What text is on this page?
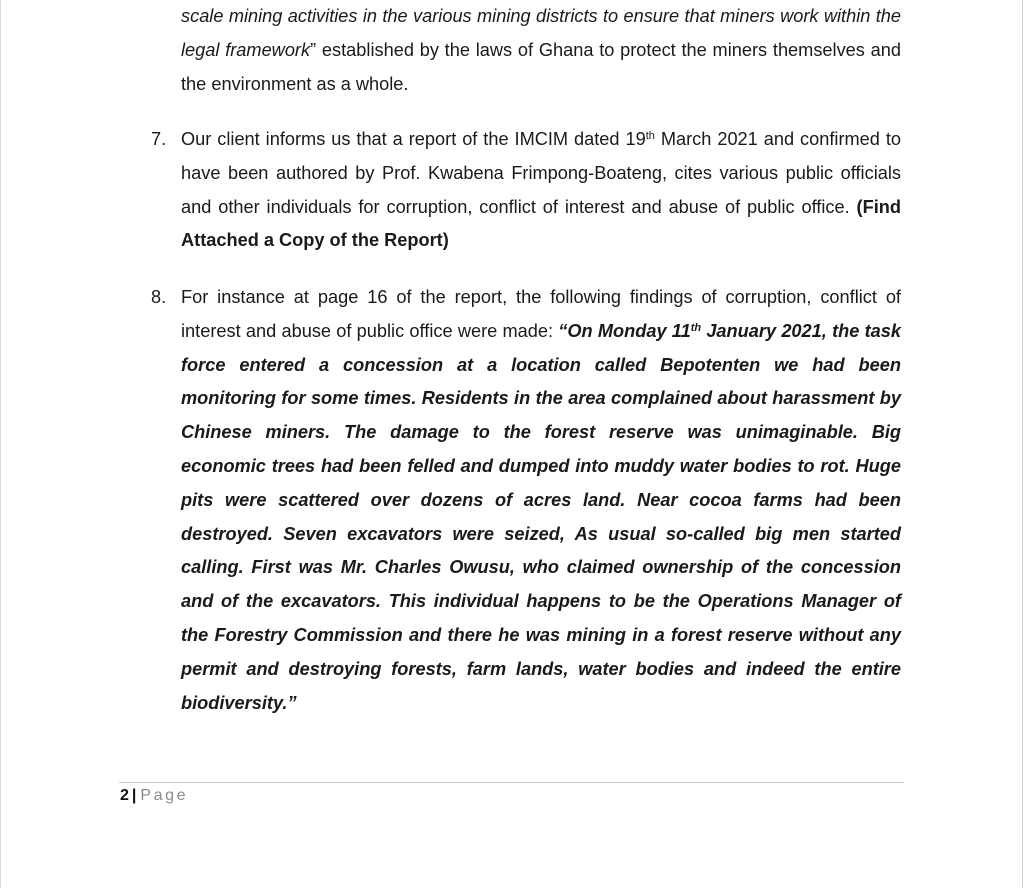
scale mining activities in the various mining districts to ensure that miners work within the legal framework” established by the laws of Ghana to protect the miners themselves and the environment as a whole.

7. Our client informs us that a report of the IMCIM dated 19th March 2021 and confirmed to have been authored by Prof. Kwabena Frimpong-Boateng, cites various public officials and other individuals for corruption, conflict of interest and abuse of public office. (Find Attached a Copy of the Report)

8. For instance at page 16 of the report, the following findings of corruption, conflict of interest and abuse of public office were made: “On Monday 11th January 2021, the task force entered a concession at a location called Bepotenten we had been monitoring for some times. Residents in the area complained about harassment by Chinese miners. The damage to the forest reserve was unimaginable. Big economic trees had been felled and dumped into muddy water bodies to rot. Huge pits were scattered over dozens of acres land. Near cocoa farms had been destroyed. Seven excavators were seized, As usual so-called big men started calling. First was Mr. Charles Owusu, who claimed ownership of the concession and of the excavators. This individual happens to be the Operations Manager of the Forestry Commission and there he was mining in a forest reserve without any permit and destroying forests, farm lands, water bodies and indeed the entire biodiversity.”

2 | Page
